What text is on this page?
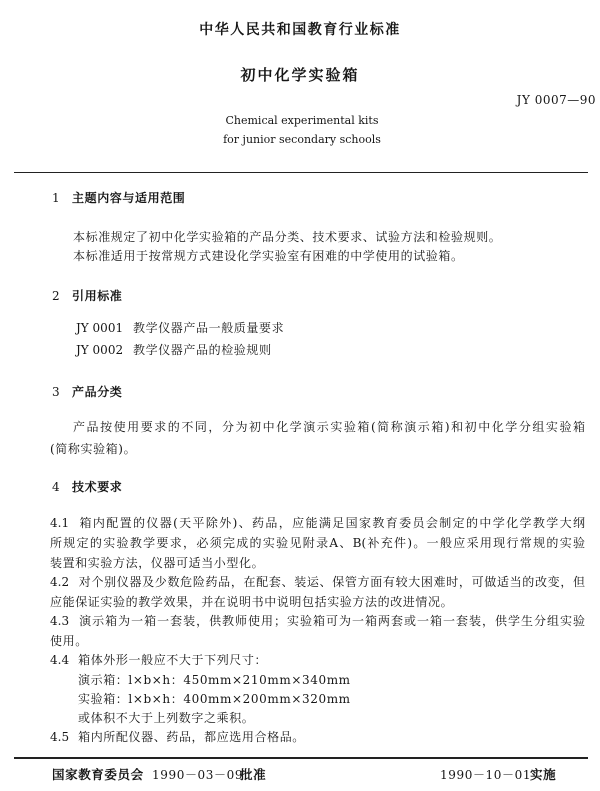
中华人民共和国教育行业标准
初中化学实验箱
JY 0007—90
Chemical experimental kits
for junior secondary schools
1 主题内容与适用范围
本标准规定了初中化学实验箱的产品分类、技术要求、试验方法和检验规则。
本标准适用于按常规方式建设化学实验室有困难的中学使用的试验箱。
2 引用标准
JY 0001 教学仪器产品一般质量要求
JY 0002 教学仪器产品的检验规则
3 产品分类
产品按使用要求的不同，分为初中化学演示实验箱(简称演示箱)和初中化学分组实验箱
(简称实验箱)。
4 技术要求
4.1 箱内配置的仪器(天平除外)、药品，应能满足国家教育委员会制定的中学化学教学大纲
所规定的实验教学要求，必须完成的实验见附录A、B(补充件)。一般应采用现行常规的实验
装置和实验方法，仪器可适当小型化。
4.2 对个别仪器及少数危险药品，在配套、装运、保管方面有较大困难时，可做适当的改变，但
应能保证实验的教学效果，并在说明书中说明包括实验方法的改进情况。
4.3 演示箱为一箱一套装，供教师使用；实验箱可为一箱两套或一箱一套装，供学生分组实验
使用。
4.4 箱体外形一般应不大于下列尺寸：
演示箱：l×b×h：450mm×210mm×340mm
实验箱：l×b×h：400mm×200mm×320mm
或体积不大于上列数字之乘积。
4.5 箱内所配仪器、药品，都应选用合格品。
国家教育委员会 1990－03－09
批准	1990－10－01
实施
